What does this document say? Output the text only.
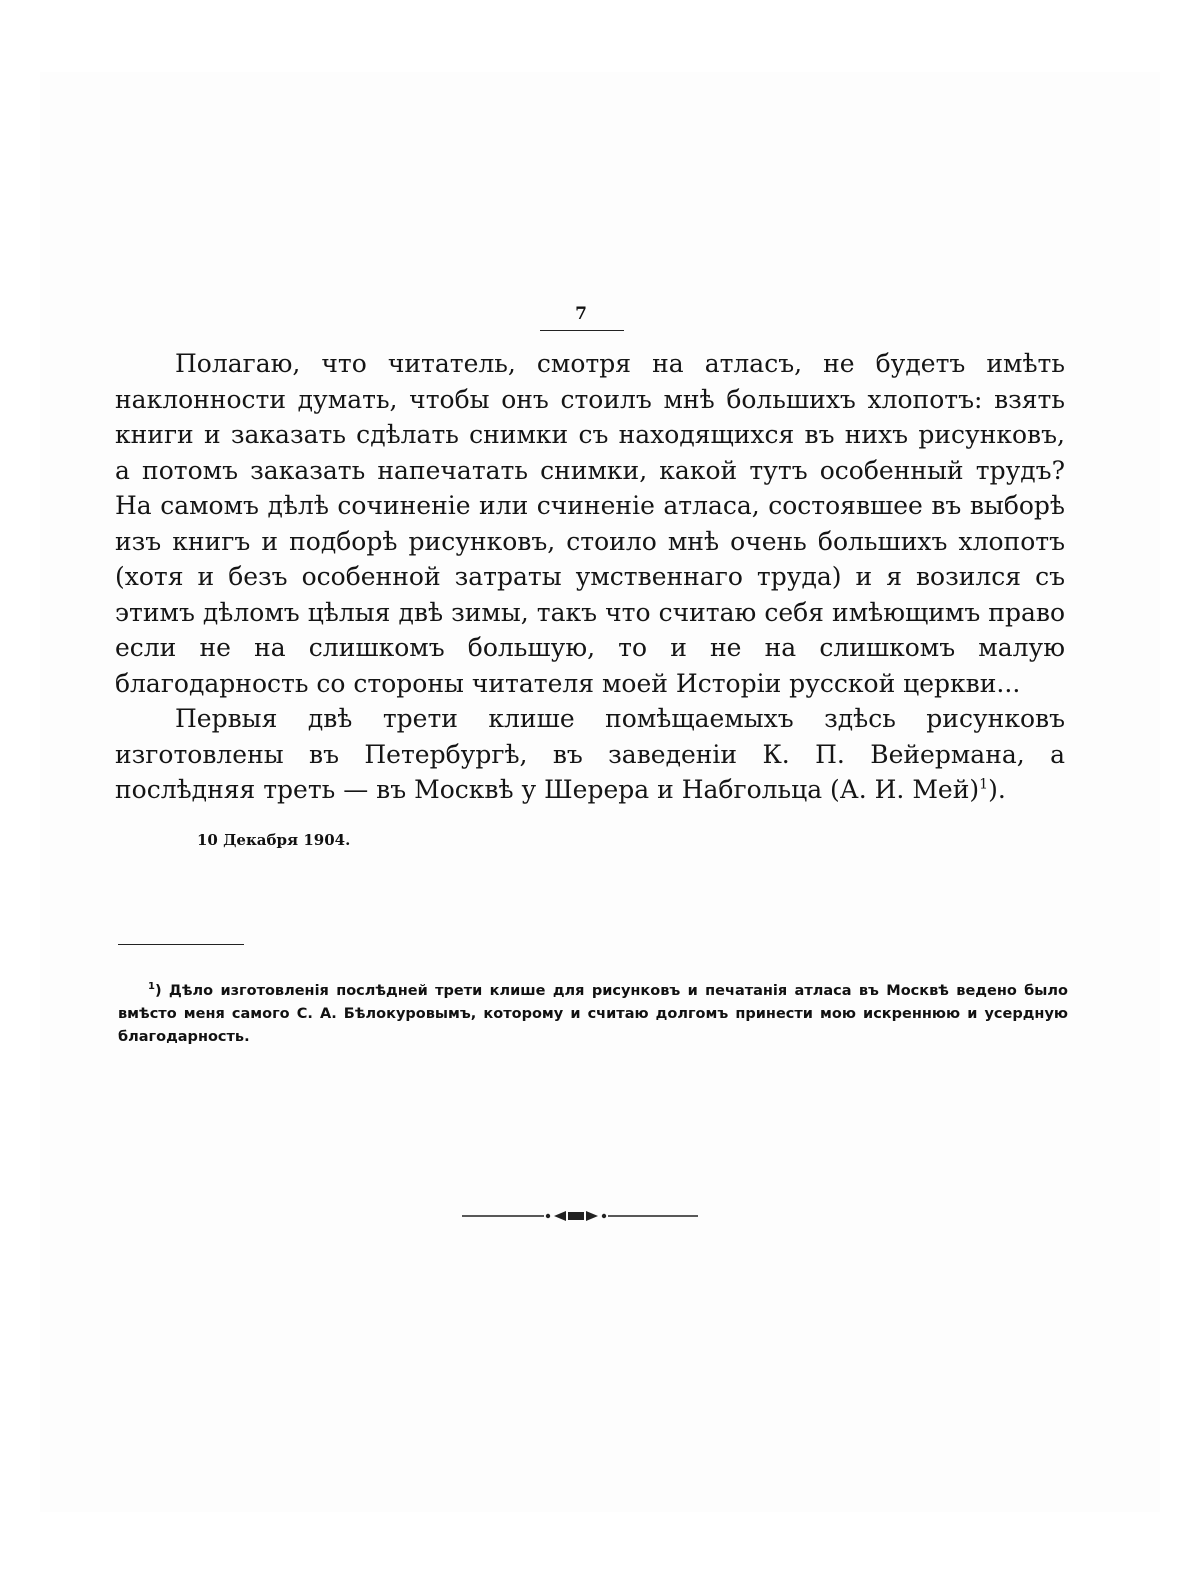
7

Полагаю, что читатель, смотря на атласъ, не будетъ имѣть наклонности думать, чтобы онъ стоилъ мнѣ большихъ хлопотъ: взять книги и заказать сдѣлать снимки съ находящихся въ нихъ рисунковъ, а потомъ заказать напечатать снимки, какой тутъ особенный трудъ? На самомъ дѣлѣ сочиненіе или счиненіе атласа, состоявшее въ выборѣ изъ книгъ и подборѣ рисунковъ, стоило мнѣ очень большихъ хлопотъ (хотя и безъ особенной затраты умственнаго труда) и я возился съ этимъ дѣломъ цѣлыя двѣ зимы, такъ что считаю себя имѣющимъ право если не на слишкомъ большую, то и не на слишкомъ малую благодарность со стороны читателя моей Исторіи русской церкви...

Первыя двѣ трети клише помѣщаемыхъ здѣсь рисунковъ изготовлены въ Петербургѣ, въ заведеніи К. П. Вейермана, а послѣдняя треть — въ Москвѣ у Шерера и Набгольца (А. И. Мей)$^1$).

10 Декабря 1904.

$^1$) Дѣло изготовленія послѣдней трети клише для рисунковъ и печатанія атласа въ Москвѣ ведено было вмѣсто меня самого С. А. Бѣлокуровымъ, которому и считаю долгомъ принести мою искреннюю и усердную благодарность.
